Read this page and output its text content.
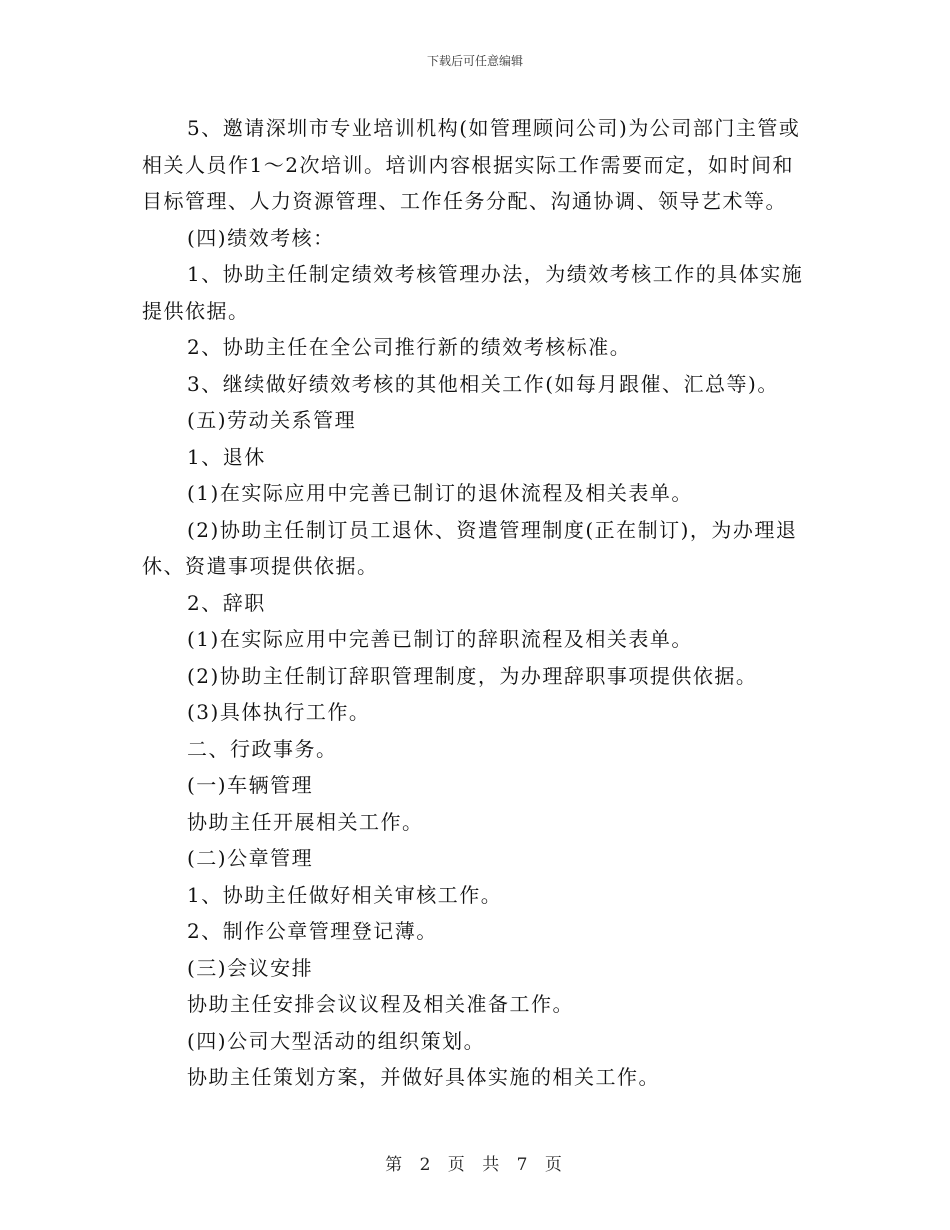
下载后可任意编辑

5、邀请深圳市专业培训机构(如管理顾问公司)为公司部门主管或相关人员作1～2次培训。培训内容根据实际工作需要而定，如时间和目标管理、人力资源管理、工作任务分配、沟通协调、领导艺术等。

(四)绩效考核：

1、协助主任制定绩效考核管理办法，为绩效考核工作的具体实施提供依据。

2、协助主任在全公司推行新的绩效考核标准。

3、继续做好绩效考核的其他相关工作(如每月跟催、汇总等)。

(五)劳动关系管理

1、退休

(1)在实际应用中完善已制订的退休流程及相关表单。

(2)协助主任制订员工退休、资遣管理制度(正在制订)，为办理退休、资遣事项提供依据。

2、辞职

(1)在实际应用中完善已制订的辞职流程及相关表单。

(2)协助主任制订辞职管理制度，为办理辞职事项提供依据。

(3)具体执行工作。

二、行政事务。

(一)车辆管理

协助主任开展相关工作。

(二)公章管理

1、协助主任做好相关审核工作。

2、制作公章管理登记薄。

(三)会议安排

协助主任安排会议议程及相关准备工作。

(四)公司大型活动的组织策划。

协助主任策划方案，并做好具体实施的相关工作。

第 2 页 共 7 页
